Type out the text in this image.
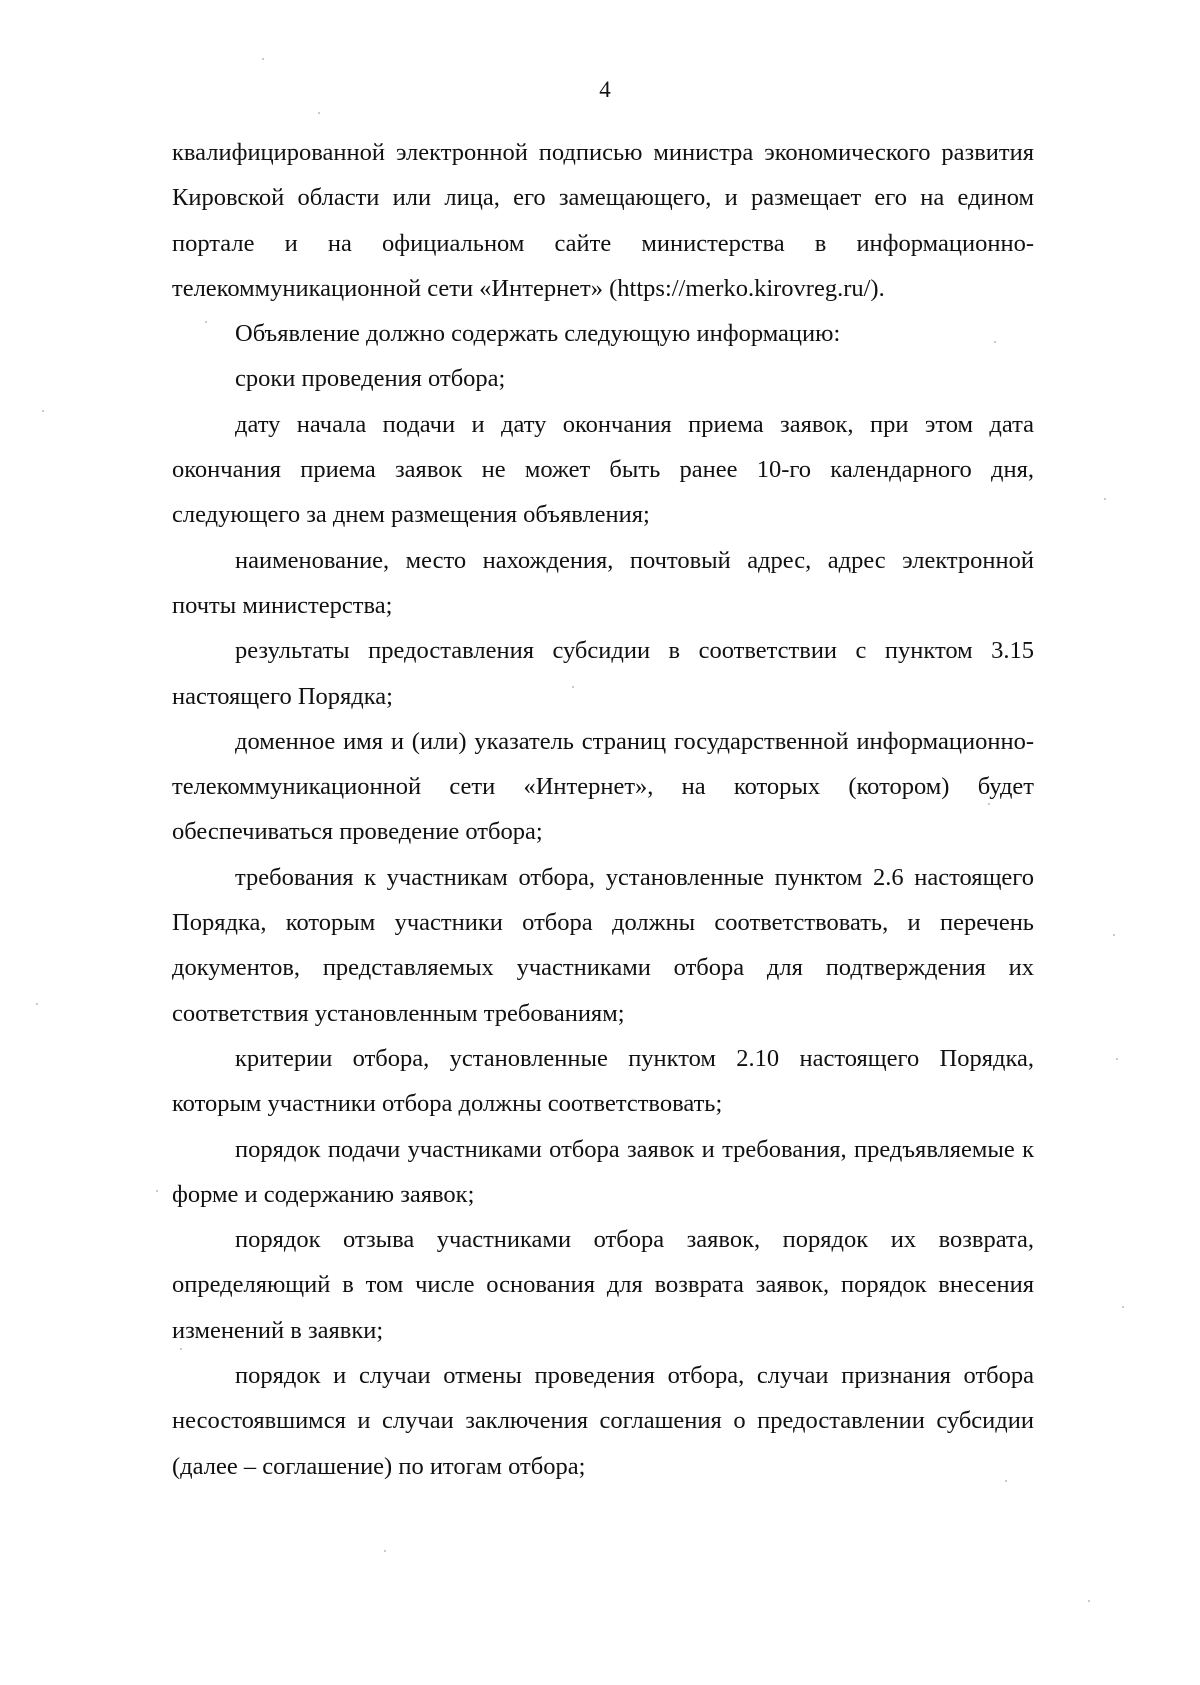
4

квалифицированной электронной подписью министра экономического развития Кировской области или лица, его замещающего, и размещает его на едином портале и на официальном сайте министерства в информационно-телекоммуникационной сети «Интернет» (https://merko.kirovreg.ru/).

Объявление должно содержать следующую информацию:

сроки проведения отбора;

дату начала подачи и дату окончания приема заявок, при этом дата окончания приема заявок не может быть ранее 10-го календарного дня, следующего за днем размещения объявления;

наименование, место нахождения, почтовый адрес, адрес электронной почты министерства;

результаты предоставления субсидии в соответствии с пунктом 3.15 настоящего Порядка;

доменное имя и (или) указатель страниц государственной информационно-телекоммуникационной сети «Интернет», на которых (котором) будет обеспечиваться проведение отбора;

требования к участникам отбора, установленные пунктом 2.6 настоящего Порядка, которым участники отбора должны соответствовать, и перечень документов, представляемых участниками отбора для подтверждения их соответствия установленным требованиям;

критерии отбора, установленные пунктом 2.10 настоящего Порядка, которым участники отбора должны соответствовать;

порядок подачи участниками отбора заявок и требования, предъявляемые к форме и содержанию заявок;

порядок отзыва участниками отбора заявок, порядок их возврата, определяющий в том числе основания для возврата заявок, порядок внесения изменений в заявки;

порядок и случаи отмены проведения отбора, случаи признания отбора несостоявшимся и случаи заключения соглашения о предоставлении субсидии (далее – соглашение) по итогам отбора;
